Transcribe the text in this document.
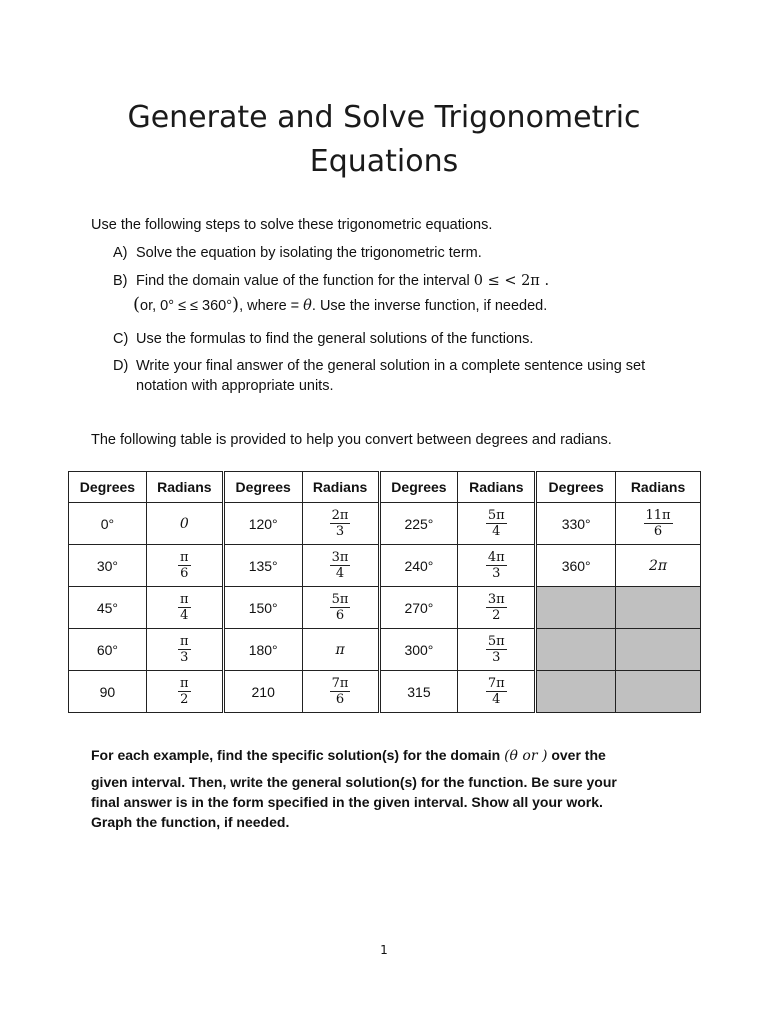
Generate and Solve Trigonometric
Equations
Use the following steps to solve these trigonometric equations.
A) Solve the equation by isolating the trigonometric term.
B) Find the domain value of the function for the interval 0 ≤ < 2π .
(or, 0° ≤ ≤ 360°), where = θ. Use the inverse function, if needed.
C) Use the formulas to find the general solutions of the functions.
D) Write your final answer of the general solution in a complete sentence using set
notation with appropriate units.
The following table is provided to help you convert between degrees and radians.
Degrees	Radians	Degrees	Radians	Degrees	Radians	Degrees	Radians
0°	0	120°	$\frac{2\pi}{3}$	225°	$\frac{5\pi}{4}$	330°	$\frac{11\pi}{6}$

30°	$\frac{\pi}{6}$	135°	$\frac{3\pi}{4}$	240°	$\frac{4\pi}{3}$	360°	2π
45°	$\frac{\pi}{4}$	150°	$\frac{5\pi}{6}$	270°	$\frac{3\pi}{2}$

60°	$\frac{\pi}{3}$	180°	π	300°	$\frac{5\pi}{3}$

90	$\frac{\pi}{2}$	210	$\frac{7\pi}{6}$	315	$\frac{7\pi}{4}$

For each example, find the specific solution(s) for the domain (θ or ) over the
given interval. Then, write the general solution(s) for the function. Be sure your
final answer is in the form specified in the given interval. Show all your work.
Graph the function, if needed.
1
